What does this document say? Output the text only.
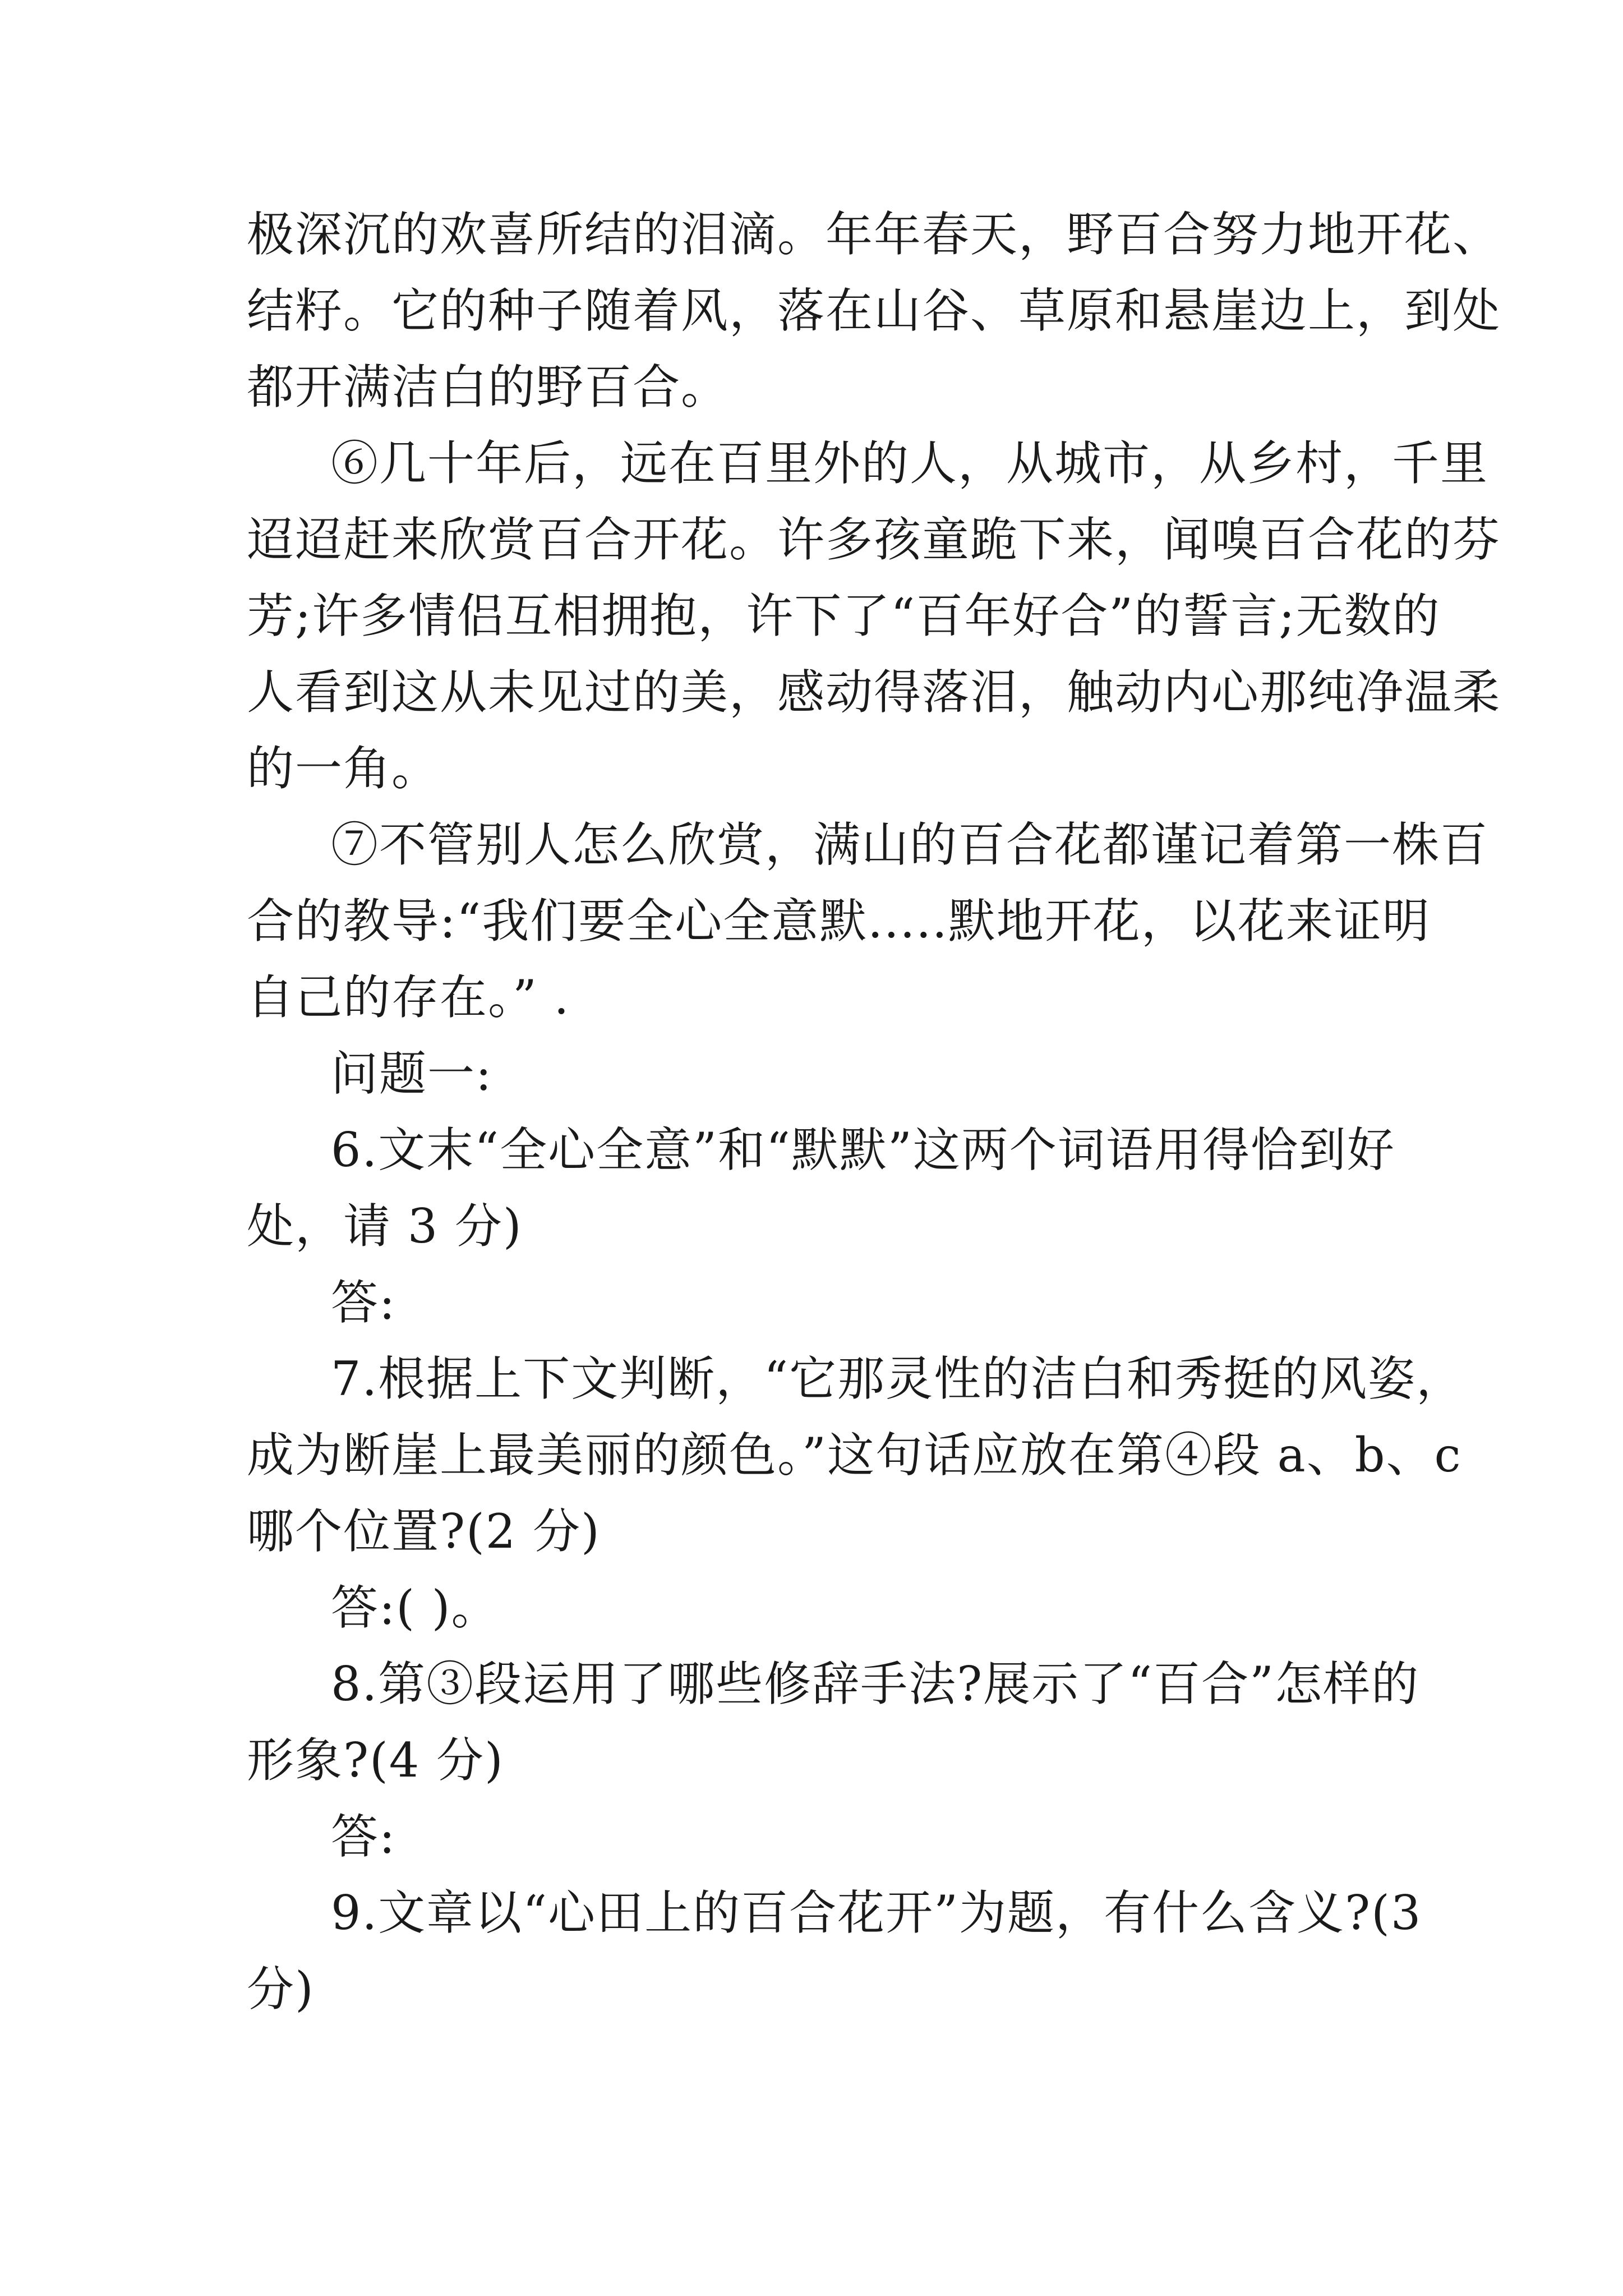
极深沉的欢喜所结的泪滴。年年春天，野百合努力地开花、
结籽。它的种子随着风，落在山谷、草原和悬崖边上，到处
都开满洁白的野百合。
⑥几十年后，远在百里外的人，从城市，从乡村，千里
迢迢赶来欣赏百合开花。许多孩童跪下来，闻嗅百合花的芬
芳;许多情侣互相拥抱，许下了“百年好合”的誓言;无数的
人看到这从未见过的美，感动得落泪，触动内心那纯净温柔
的一角。
⑦不管别人怎么欣赏，满山的百合花都谨记着第一株百
合的教导:“我们要全心全意默.....默地开花，以花来证明
自己的存在。” .
问题一:
6.文末“全心全意”和“默默”这两个词语用得恰到好
处，请 3 分)
答:
7.根据上下文判断，“它那灵性的洁白和秀挺的风姿，
成为断崖上最美丽的颜色。”这句话应放在第④段 a、b、c
哪个位置?(2 分)
答:( )。
8.第③段运用了哪些修辞手法?展示了“百合”怎样的
形象?(4 分)
答:
9.文章以“心田上的百合花开”为题，有什么含义?(3
分)
